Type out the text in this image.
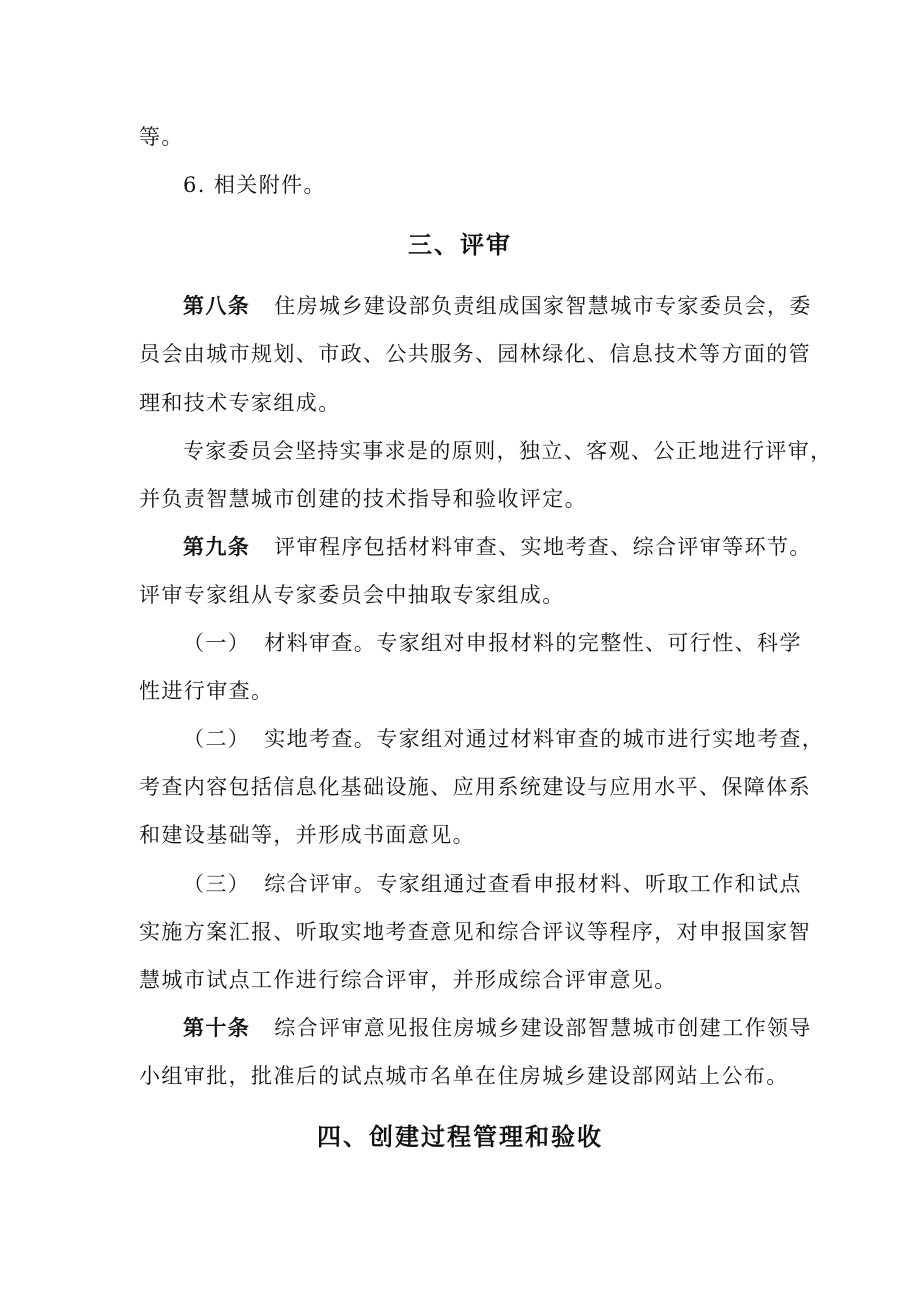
等。
6. 相关附件。
三、评审
第八条 住房城乡建设部负责组成国家智慧城市专家委员会，委
员会由城市规划、市政、公共服务、园林绿化、信息技术等方面的管
理和技术专家组成。
专家委员会坚持实事求是的原则，独立、客观、公正地进行评审，
并负责智慧城市创建的技术指导和验收评定。
第九条 评审程序包括材料审查、实地考查、综合评审等环节。
评审专家组从专家委员会中抽取专家组成。
（一） 材料审查。专家组对申报材料的完整性、可行性、科学
性进行审查。
（二） 实地考查。专家组对通过材料审查的城市进行实地考查，
考查内容包括信息化基础设施、应用系统建设与应用水平、保障体系
和建设基础等，并形成书面意见。
（三） 综合评审。专家组通过查看申报材料、听取工作和试点
实施方案汇报、听取实地考查意见和综合评议等程序，对申报国家智
慧城市试点工作进行综合评审，并形成综合评审意见。
第十条 综合评审意见报住房城乡建设部智慧城市创建工作领导
小组审批，批准后的试点城市名单在住房城乡建设部网站上公布。
四、创建过程管理和验收
